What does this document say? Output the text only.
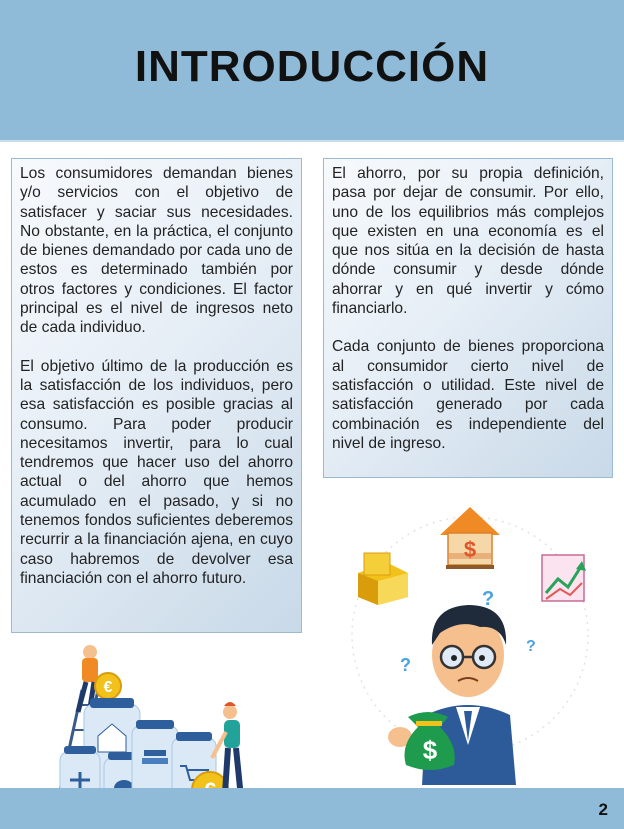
INTRODUCCIÓN

Los consumidores demandan bienes y/o servicios con el objetivo de satisfacer y saciar sus necesidades. No obstante, en la práctica, el conjunto de bienes demandado por cada uno de estos es determinado también por otros factores y condiciones. El factor principal es el nivel de ingresos neto de cada individuo.

El objetivo último de la producción es la satisfacción de los individuos, pero esa satisfacción es posible gracias al consumo. Para poder producir necesitamos invertir, para lo cual tendremos que hacer uso del ahorro actual o del ahorro que hemos acumulado en el pasado, y si no tenemos fondos suficientes deberemos recurrir a la financiación ajena, en cuyo caso habremos de devolver esa financiación con el ahorro futuro.

El ahorro, por su propia definición, pasa por dejar de consumir. Por ello, uno de los equilibrios más complejos que existen en una economía es el que nos sitúa en la decisión de hasta dónde consumir y desde dónde ahorrar y en qué invertir y cómo financiarlo.

Cada conjunto de bienes proporciona al consumidor cierto nivel de satisfacción o utilidad. Este nivel de satisfacción generado por cada combinación es independiente del nivel de ingreso.

$
?
?
?
$
€
2
